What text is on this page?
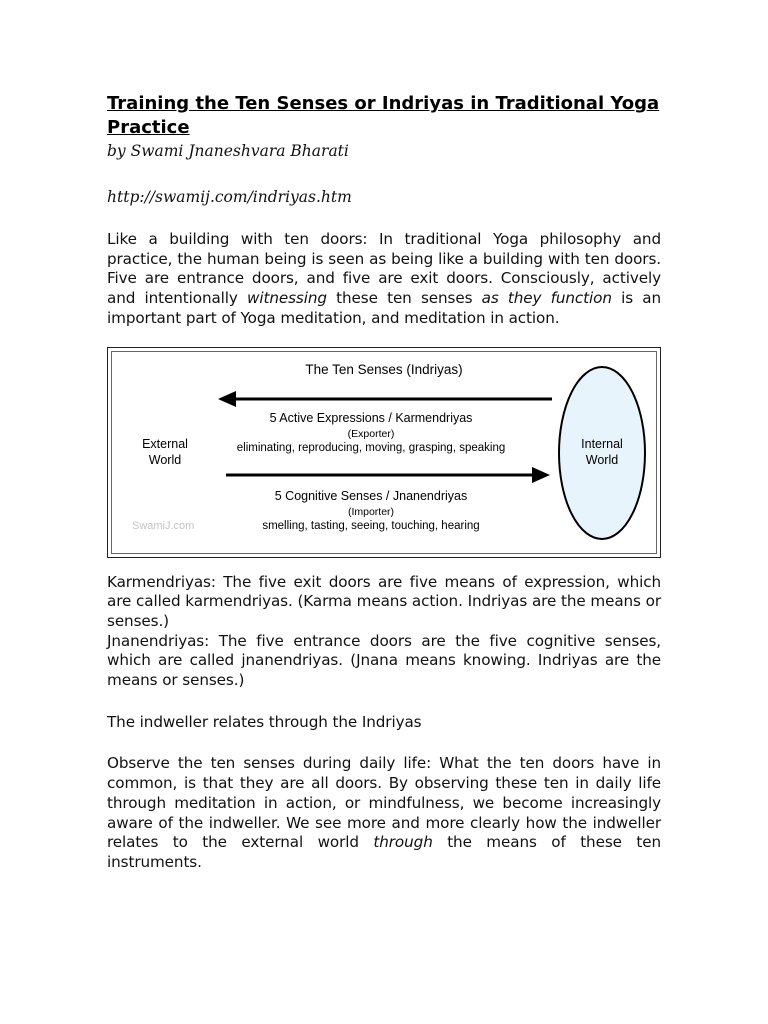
Training the Ten Senses or Indriyas in Traditional Yoga Practice

by Swami Jnaneshvara Bharati

http://swamij.com/indriyas.htm

Like a building with ten doors: In traditional Yoga philosophy and practice, the human being is seen as being like a building with ten doors. Five are entrance doors, and five are exit doors. Consciously, actively and intentionally witnessing these ten senses as they function is an important part of Yoga meditation, and meditation in action.

The Ten Senses (Indriyas)
5 Active Expressions / Karmendriyas
(Exporter)
eliminating, reproducing, moving, grasping, speaking
5 Cognitive Senses / Jnanendriyas
(Importer)
smelling, tasting, seeing, touching, hearing
External
World
Internal
World
SwamiJ.com

Karmendriyas: The five exit doors are five means of expression, which are called karmendriyas. (Karma means action. Indriyas are the means or senses.)

Jnanendriyas: The five entrance doors are the five cognitive senses, which are called jnanendriyas. (Jnana means knowing. Indriyas are the means or senses.)

The indweller relates through the Indriyas

Observe the ten senses during daily life: What the ten doors have in common, is that they are all doors. By observing these ten in daily life through meditation in action, or mindfulness, we become increasingly aware of the indweller. We see more and more clearly how the indweller relates to the external world through the means of these ten instruments.
